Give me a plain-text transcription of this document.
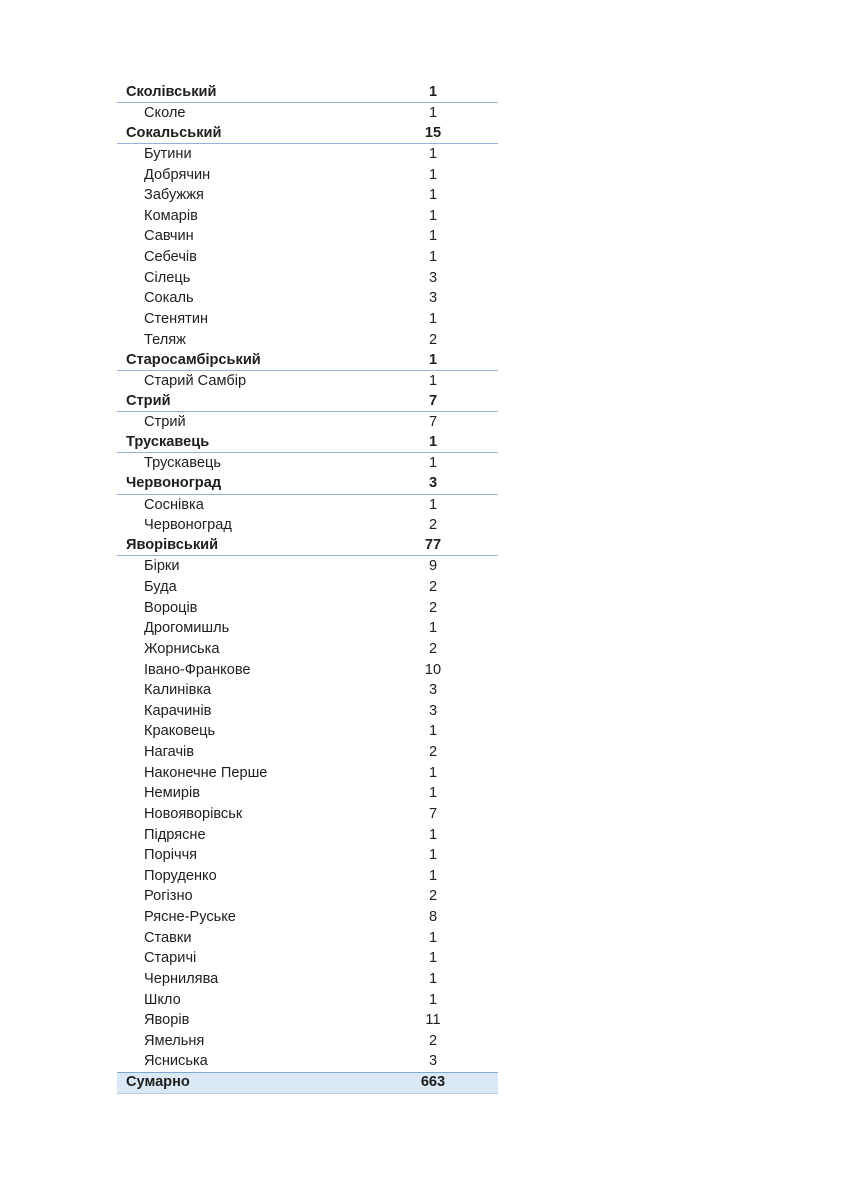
Сколівський	1
Сколе	1
Сокальський	15
Бутини	1
Добрячин	1
Забужжя	1
Комарів	1
Савчин	1
Себечів	1
Сілець	3
Сокаль	3
Стенятин	1
Теляж	2
Старосамбірський	1
Старий Самбір	1
Стрий	7
Стрий	7
Трускавець	1
Трускавець	1
Червоноград	3
Соснівка	1
Червоноград	2
Яворівський	77
Бірки	9
Буда	2
Вороців	2
Дрогомишль	1
Жорниська	2
Івано-Франкове	10
Калинівка	3
Карачинів	3
Краковець	1
Нагачів	2
Наконечне Перше	1
Немирів	1
Новояворівськ	7
Підрясне	1
Поріччя	1
Поруденко	1
Рогізно	2
Рясне-Руське	8
Ставки	1
Старичі	1
Чернилява	1
Шкло	1
Яворів	11
Ямельня	2
Ясниська	3
Сумарно	663
